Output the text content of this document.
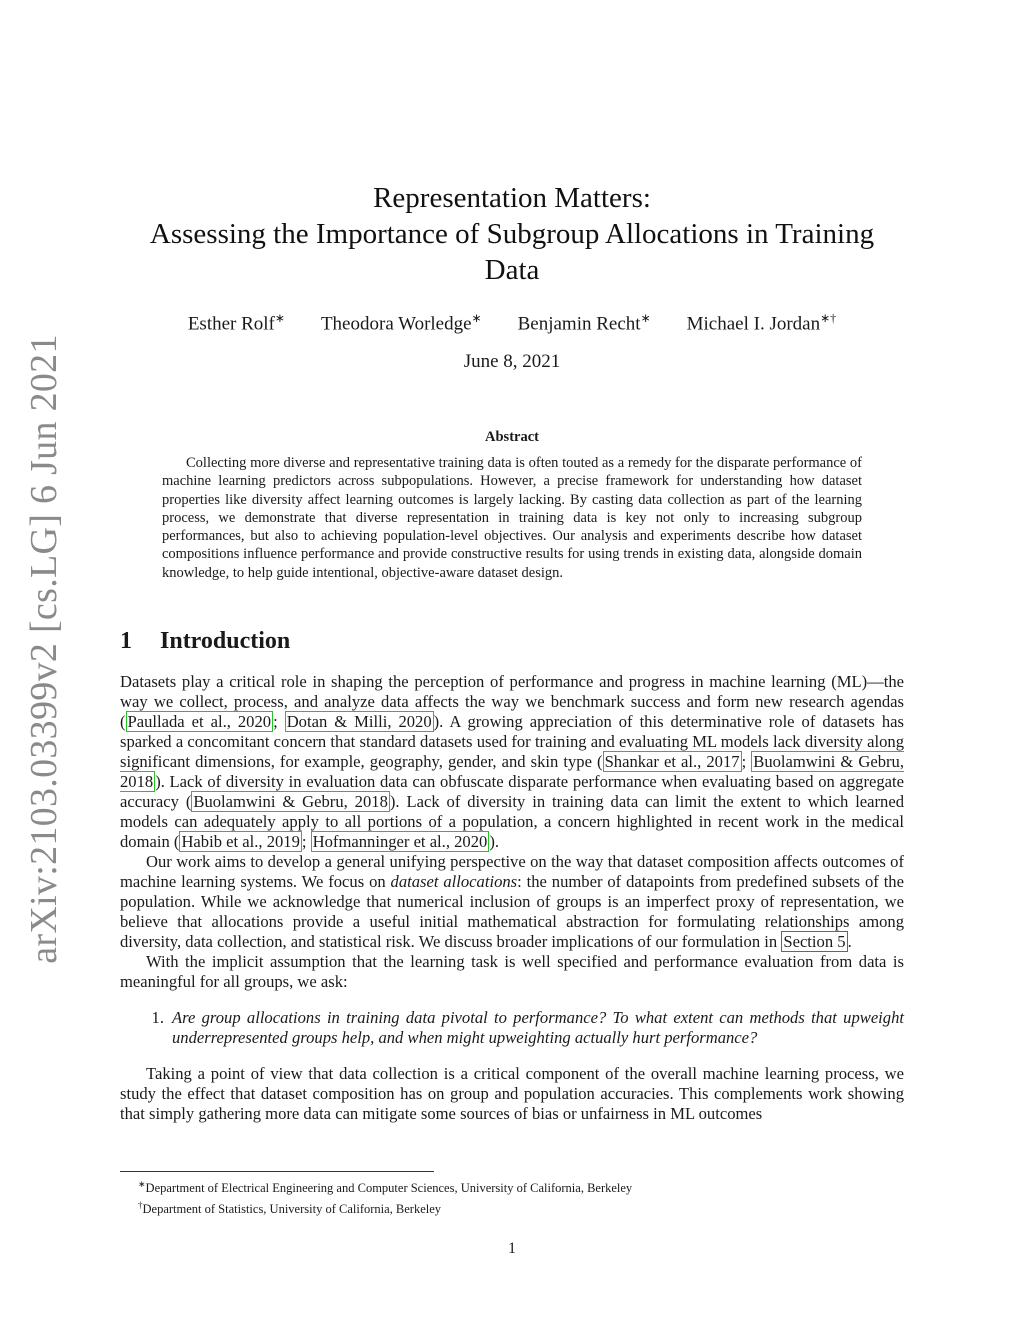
arXiv:2103.03399v2 [cs.LG] 6 Jun 2021
Representation Matters:
Assessing the Importance of Subgroup Allocations in Training
Data
Esther Rolf∗ Theodora Worledge∗ Benjamin Recht∗ Michael I. Jordan∗†
June 8, 2021
Abstract

Collecting more diverse and representative training data is often touted as a remedy for the disparate performance of machine learning predictors across subpopulations. However, a precise framework for understanding how dataset properties like diversity affect learning outcomes is largely lacking. By casting data collection as part of the learning process, we demonstrate that diverse representation in training data is key not only to increasing subgroup performances, but also to achieving population-level objectives. Our analysis and experiments describe how dataset compositions influence performance and provide constructive results for using trends in existing data, alongside domain knowledge, to help guide intentional, objective-aware dataset design.

1 Introduction

Datasets play a critical role in shaping the perception of performance and progress in machine learning (ML)—the way we collect, process, and analyze data affects the way we benchmark success and form new research agendas ( Paullada et al., 2020 ; Dotan & Milli, 2020 ). A growing appreciation of this determinative role of datasets has sparked a concomitant concern that standard datasets used for training and evaluating ML models lack diversity along significant dimensions, for example, geography, gender, and skin type ( Shankar et al., 2017 ; Buolamwini & Gebru, 2018 ). Lack of diversity in evaluation data can obfuscate disparate performance when evaluating based on aggregate accuracy ( Buolamwini & Gebru, 2018 ). Lack of diversity in training data can limit the extent to which learned models can adequately apply to all portions of a population, a concern highlighted in recent work in the medical domain ( Habib et al., 2019 ; Hofmanninger et al., 2020 ).

Our work aims to develop a general unifying perspective on the way that dataset composition affects outcomes of machine learning systems. We focus on dataset allocations: the number of datapoints from predefined subsets of the population. While we acknowledge that numerical inclusion of groups is an imperfect proxy of representation, we believe that allocations provide a useful initial mathematical abstraction for formulating relationships among diversity, data collection, and statistical risk. We discuss broader implications of our formulation in Section 5 .

With the implicit assumption that the learning task is well specified and performance evaluation from data is meaningful for all groups, we ask:

1. Are group allocations in training data pivotal to performance? To what extent can methods that upweight underrepresented groups help, and when might upweighting actually hurt performance?

Taking a point of view that data collection is a critical component of the overall machine learning process, we study the effect that dataset composition has on group and population accuracies. This complements work showing that simply gathering more data can mitigate some sources of bias or unfairness in ML outcomes

∗Department of Electrical Engineering and Computer Sciences, University of California, Berkeley
†Department of Statistics, University of California, Berkeley
1
